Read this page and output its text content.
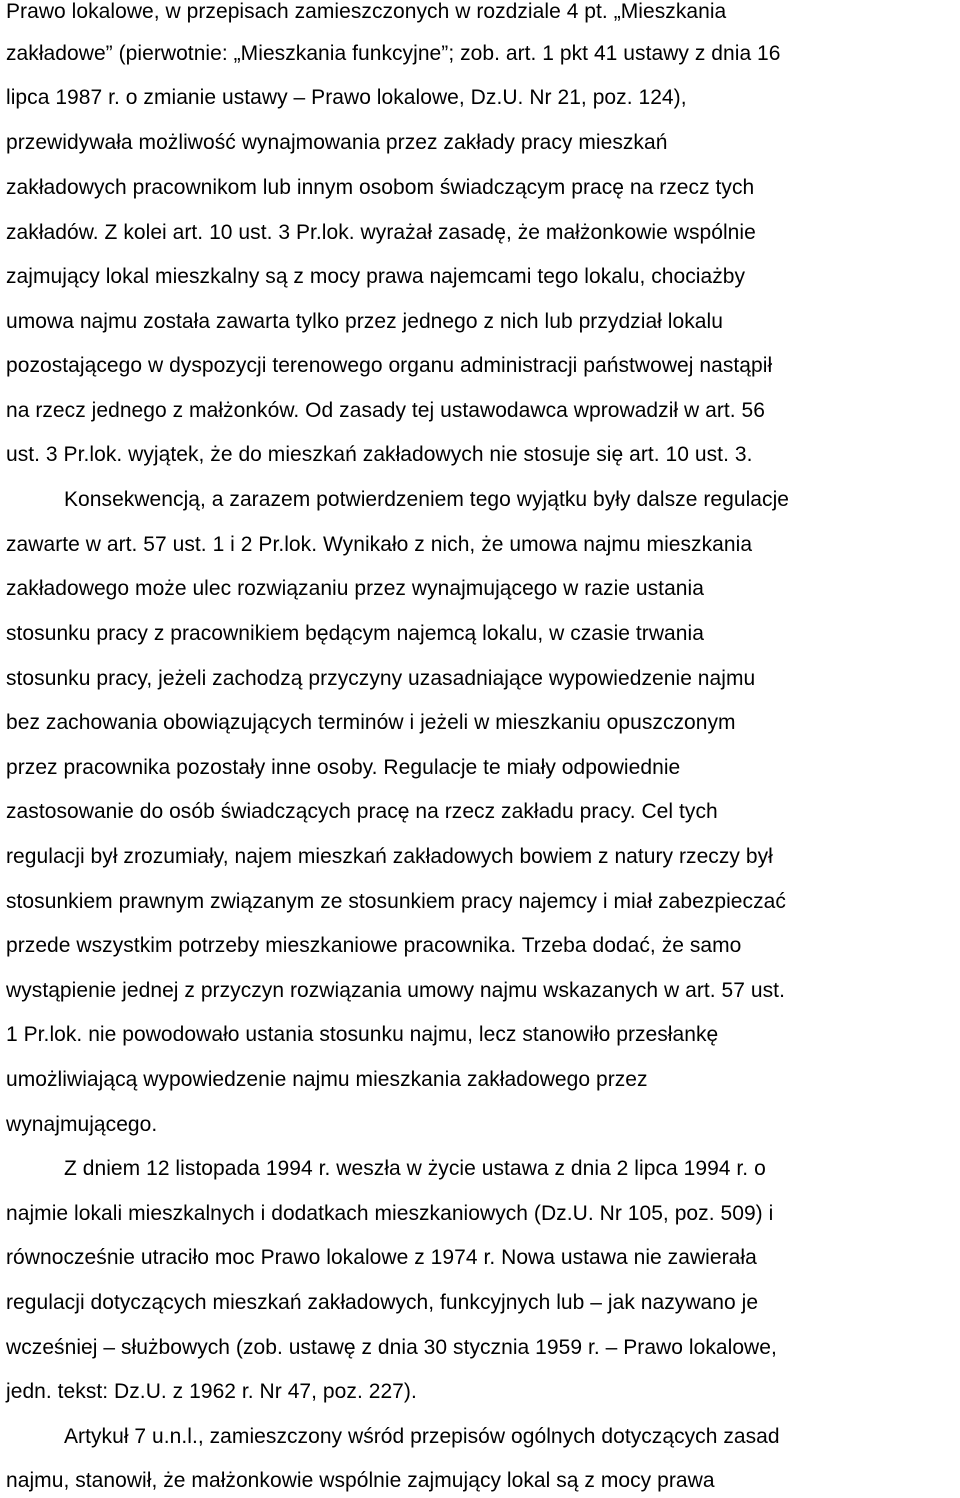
Prawo lokalowe, w przepisach zamieszczonych w rozdziale 4 pt. „Mieszkania

zakładowe” (pierwotnie: „Mieszkania funkcyjne”; zob. art. 1 pkt 41 ustawy z dnia 16

lipca 1987 r. o zmianie ustawy – Prawo lokalowe, Dz.U. Nr 21, poz. 124),

przewidywała możliwość wynajmowania przez zakłady pracy mieszkań

zakładowych pracownikom lub innym osobom świadczącym pracę na rzecz tych

zakładów. Z kolei art. 10 ust. 3 Pr.lok. wyrażał zasadę, że małżonkowie wspólnie

zajmujący lokal mieszkalny są z mocy prawa najemcami tego lokalu, chociażby

umowa najmu została zawarta tylko przez jednego z nich lub przydział lokalu

pozostającego w dyspozycji terenowego organu administracji państwowej nastąpił

na rzecz jednego z małżonków. Od zasady tej ustawodawca wprowadził w art. 56

ust. 3 Pr.lok. wyjątek, że do mieszkań zakładowych nie stosuje się art. 10 ust. 3.

Konsekwencją, a zarazem potwierdzeniem tego wyjątku były dalsze regulacje

zawarte w art. 57 ust. 1 i 2 Pr.lok. Wynikało z nich, że umowa najmu mieszkania

zakładowego może ulec rozwiązaniu przez wynajmującego w razie ustania

stosunku pracy z pracownikiem będącym najemcą lokalu, w czasie trwania

stosunku pracy, jeżeli zachodzą przyczyny uzasadniające wypowiedzenie najmu

bez zachowania obowiązujących terminów i jeżeli w mieszkaniu opuszczonym

przez pracownika pozostały inne osoby. Regulacje te miały odpowiednie

zastosowanie do osób świadczących pracę na rzecz zakładu pracy. Cel tych

regulacji był zrozumiały, najem mieszkań zakładowych bowiem z natury rzeczy był

stosunkiem prawnym związanym ze stosunkiem pracy najemcy i miał zabezpieczać

przede wszystkim potrzeby mieszkaniowe pracownika. Trzeba dodać, że samo

wystąpienie jednej z przyczyn rozwiązania umowy najmu wskazanych w art. 57 ust.

1 Pr.lok. nie powodowało ustania stosunku najmu, lecz stanowiło przesłankę

umożliwiającą wypowiedzenie najmu mieszkania zakładowego przez

wynajmującego.

Z dniem 12 listopada 1994 r. weszła w życie ustawa z dnia 2 lipca 1994 r. o

najmie lokali mieszkalnych i dodatkach mieszkaniowych (Dz.U. Nr 105, poz. 509) i

równocześnie utraciło moc Prawo lokalowe z 1974 r. Nowa ustawa nie zawierała

regulacji dotyczących mieszkań zakładowych, funkcyjnych lub – jak nazywano je

wcześniej – służbowych (zob. ustawę z dnia 30 stycznia 1959 r. – Prawo lokalowe,

jedn. tekst: Dz.U. z 1962 r. Nr 47, poz. 227).

Artykuł 7 u.n.l., zamieszczony wśród przepisów ogólnych dotyczących zasad

najmu, stanowił, że małżonkowie wspólnie zajmujący lokal są z mocy prawa
